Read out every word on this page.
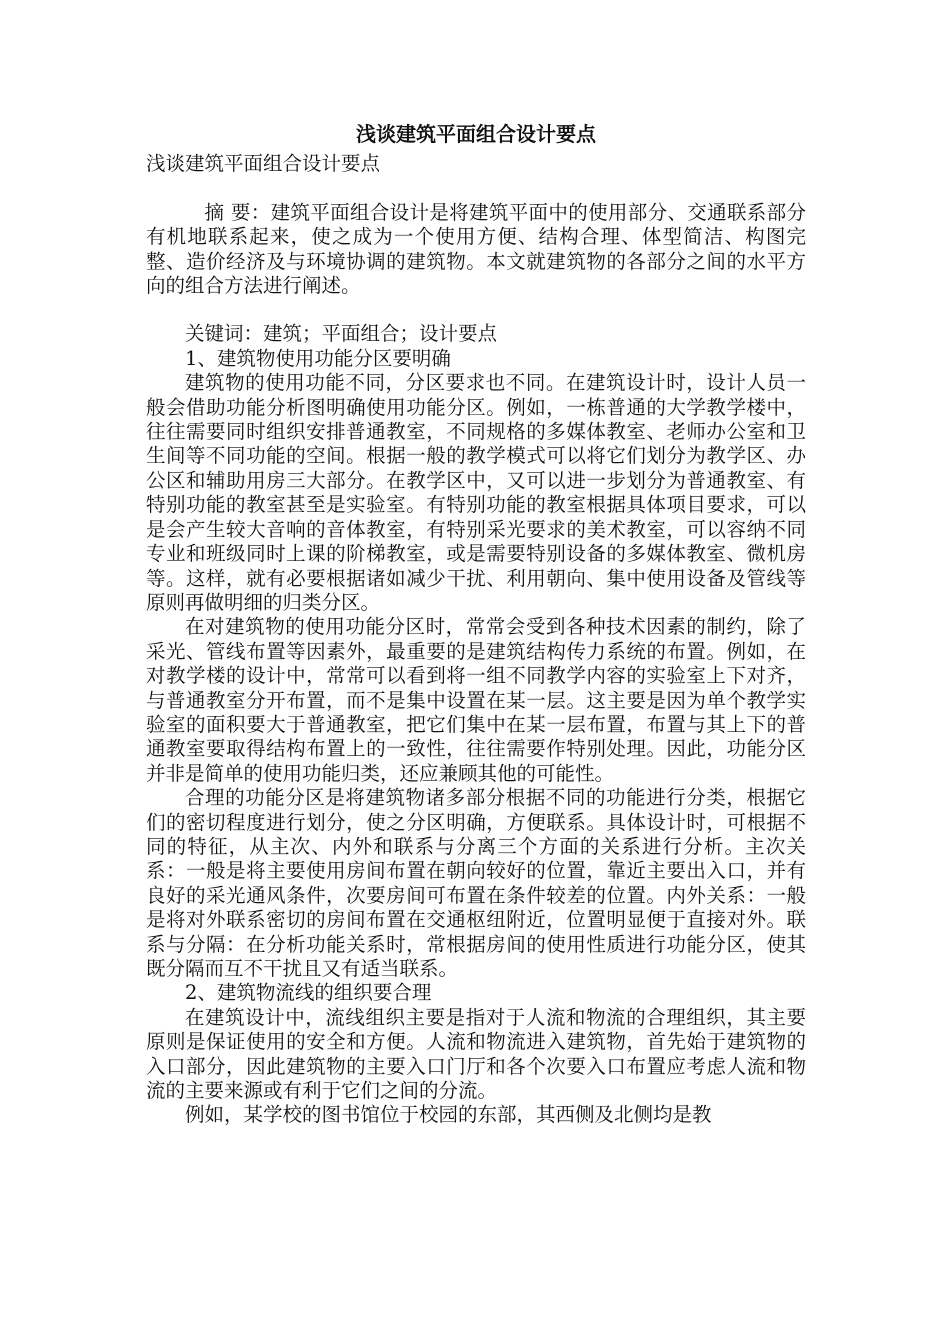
浅谈建筑平面组合设计要点
浅谈建筑平面组合设计要点

摘 要：建筑平面组合设计是将建筑平面中的使用部分、交通联系部分有机地联系起来，使之成为一个使用方便、结构合理、体型简洁、构图完整、造价经济及与环境协调的建筑物。本文就建筑物的各部分之间的水平方向的组合方法进行阐述。

关键词：建筑；平面组合；设计要点

1、建筑物使用功能分区要明确

建筑物的使用功能不同，分区要求也不同。在建筑设计时，设计人员一般会借助功能分析图明确使用功能分区。例如，一栋普通的大学教学楼中，往往需要同时组织安排普通教室，不同规格的多媒体教室、老师办公室和卫生间等不同功能的空间。根据一般的教学模式可以将它们划分为教学区、办公区和辅助用房三大部分。在教学区中，又可以进一步划分为普通教室、有特别功能的教室甚至是实验室。有特别功能的教室根据具体项目要求，可以是会产生较大音响的音体教室，有特别采光要求的美术教室，可以容纳不同专业和班级同时上课的阶梯教室，或是需要特别设备的多媒体教室、微机房等。这样，就有必要根据诸如减少干扰、利用朝向、集中使用设备及管线等原则再做明细的归类分区。

在对建筑物的使用功能分区时，常常会受到各种技术因素的制约，除了采光、管线布置等因素外，最重要的是建筑结构传力系统的布置。例如，在对教学楼的设计中，常常可以看到将一组不同教学内容的实验室上下对齐，与普通教室分开布置，而不是集中设置在某一层。这主要是因为单个教学实验室的面积要大于普通教室，把它们集中在某一层布置，布置与其上下的普通教室要取得结构布置上的一致性，往往需要作特别处理。因此，功能分区并非是简单的使用功能归类，还应兼顾其他的可能性。

合理的功能分区是将建筑物诸多部分根据不同的功能进行分类，根据它们的密切程度进行划分，使之分区明确，方便联系。具体设计时，可根据不同的特征，从主次、内外和联系与分离三个方面的关系进行分析。主次关系：一般是将主要使用房间布置在朝向较好的位置，靠近主要出入口，并有良好的采光通风条件，次要房间可布置在条件较差的位置。内外关系：一般是将对外联系密切的房间布置在交通枢纽附近，位置明显便于直接对外。联系与分隔：在分析功能关系时，常根据房间的使用性质进行功能分区，使其既分隔而互不干扰且又有适当联系。

2、建筑物流线的组织要合理

在建筑设计中，流线组织主要是指对于人流和物流的合理组织，其主要原则是保证使用的安全和方便。人流和物流进入建筑物，首先始于建筑物的入口部分，因此建筑物的主要入口门厅和各个次要入口布置应考虑人流和物流的主要来源或有利于它们之间的分流。

例如，某学校的图书馆位于校园的东部，其西侧及北侧均是教
